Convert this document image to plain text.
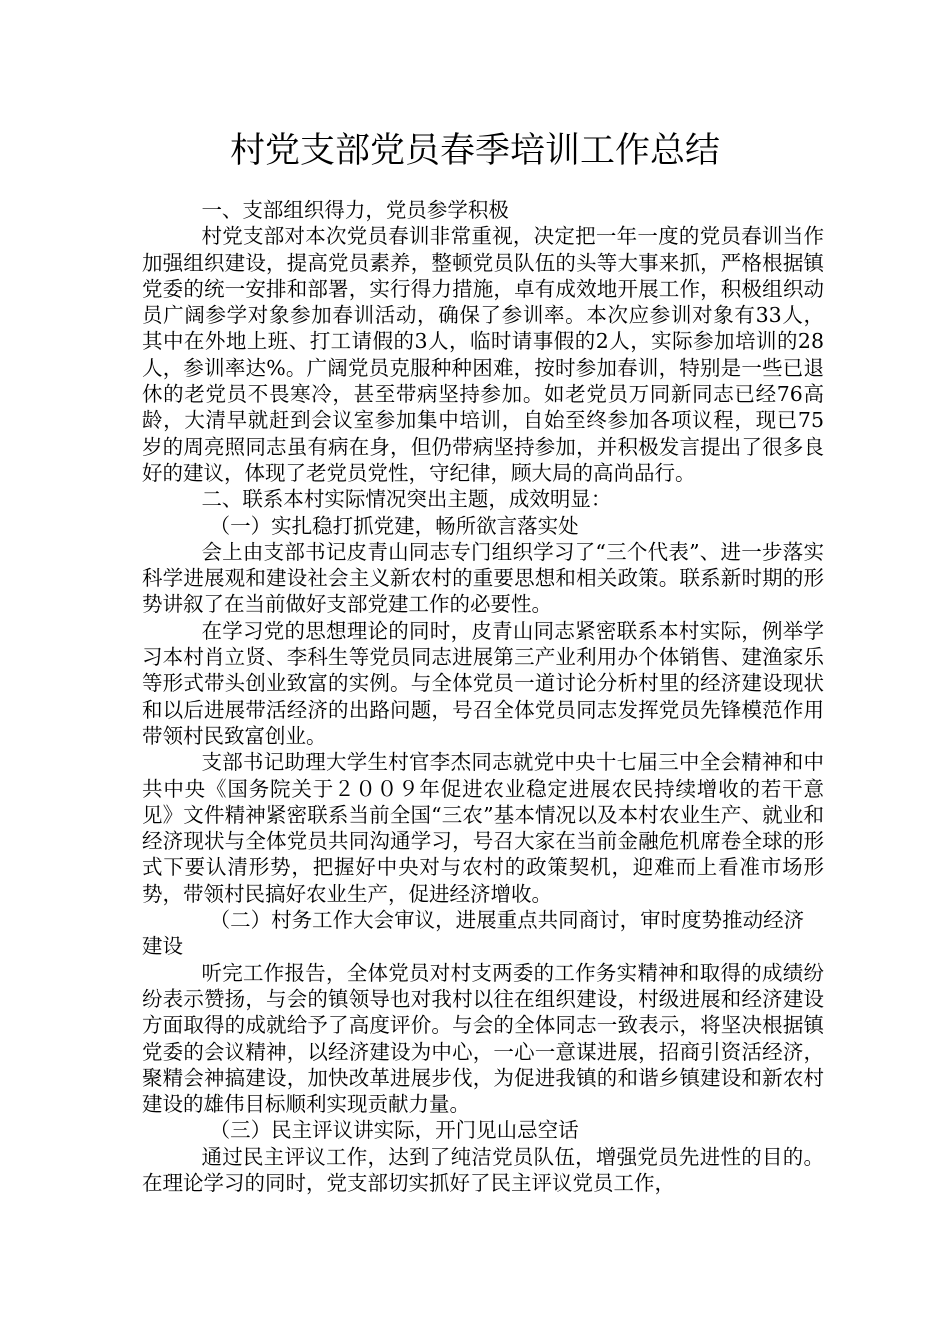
村党支部党员春季培训工作总结

一、支部组织得力，党员参学积极

村党支部对本次党员春训非常重视，决定把一年一度的党员春训当作加强组织建设，提高党员素养，整顿党员队伍的头等大事来抓，严格根据镇党委的统一安排和部署，实行得力措施，卓有成效地开展工作，积极组织动员广阔参学对象参加春训活动，确保了参训率。本次应参训对象有33人，其中在外地上班、打工请假的3人，临时请事假的2人，实际参加培训的28人，参训率达%。广阔党员克服种种困难，按时参加春训，特别是一些已退休的老党员不畏寒冷，甚至带病坚持参加。如老党员万同新同志已经76高龄，大清早就赶到会议室参加集中培训，自始至终参加各项议程，现已75岁的周亮照同志虽有病在身，但仍带病坚持参加，并积极发言提出了很多良好的建议，体现了老党员党性，守纪律，顾大局的高尚品行。

二、联系本村实际情况突出主题，成效明显：

（一）实扎稳打抓党建，畅所欲言落实处

会上由支部书记皮青山同志专门组织学习了“三个代表”、进一步落实科学进展观和建设社会主义新农村的重要思想和相关政策。联系新时期的形势讲叙了在当前做好支部党建工作的必要性。

在学习党的思想理论的同时，皮青山同志紧密联系本村实际，例举学习本村肖立贤、李科生等党员同志进展第三产业利用办个体销售、建渔家乐等形式带头创业致富的实例。与全体党员一道讨论分析村里的经济建设现状和以后进展带活经济的出路问题，号召全体党员同志发挥党员先锋模范作用带领村民致富创业。

支部书记助理大学生村官李杰同志就党中央十七届三中全会精神和中共中央《国务院关于２００９年促进农业稳定进展农民持续增收的若干意见》文件精神紧密联系当前全国“三农”基本情况以及本村农业生产、就业和经济现状与全体党员共同沟通学习，号召大家在当前金融危机席卷全球的形式下要认清形势，把握好中央对与农村的政策契机，迎难而上看准市场形势，带领村民搞好农业生产，促进经济增收。

（二）村务工作大会审议，进展重点共同商讨，审时度势推动经济建设

听完工作报告，全体党员对村支两委的工作务实精神和取得的成绩纷纷表示赞扬，与会的镇领导也对我村以往在组织建设，村级进展和经济建设方面取得的成就给予了高度评价。与会的全体同志一致表示，将坚决根据镇党委的会议精神，以经济建设为中心，一心一意谋进展，招商引资活经济，聚精会神搞建设，加快改革进展步伐，为促进我镇的和谐乡镇建设和新农村建设的雄伟目标顺利实现贡献力量。

（三）民主评议讲实际，开门见山忌空话

通过民主评议工作，达到了纯洁党员队伍，增强党员先进性的目的。在理论学习的同时，党支部切实抓好了民主评议党员工作，
